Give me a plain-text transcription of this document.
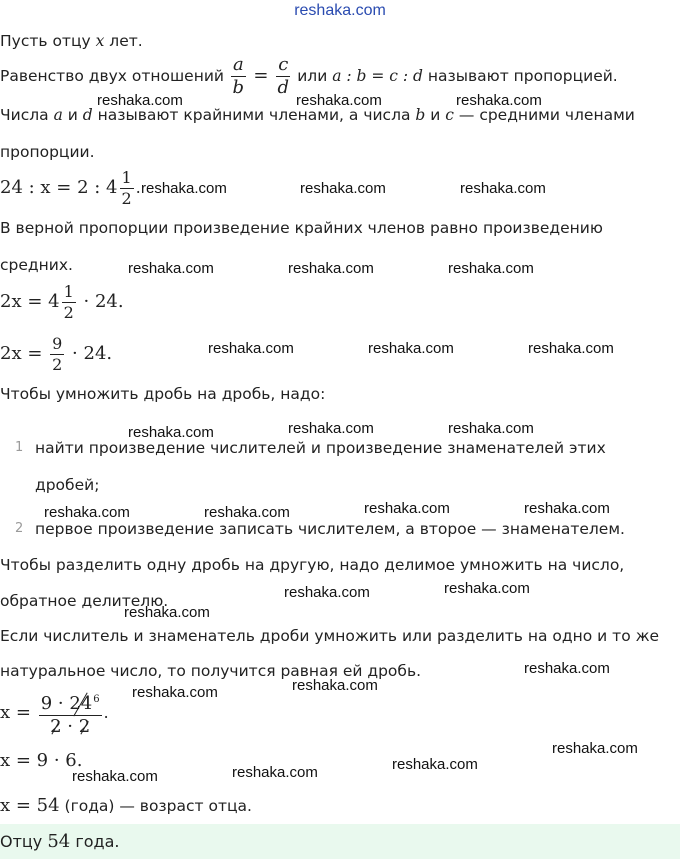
reshaka.com
Пусть отцу x лет.
Равенство двух отношений $\frac{a}{b} = \frac{c}{d}$ или a : b = c : d называют пропорцией.
Числа a и d называют крайними членами, а числа b и c — средними членами
пропорции.
24 : x = 2 : $4 \frac{1}{2}$ .
В верной пропорции произведение крайних членов равно произведению
средних.
$2x = 4 \frac{1}{2} \cdot 24$.
$2x = \frac{9}{2} \cdot 24$.
Чтобы умножить дробь на дробь, надо:
1 найти произведение числителей и произведение знаменателей этих
дробей;
2 первое произведение записать числителем, а второе — знаменателем.
Чтобы разделить одну дробь на другую, надо делимое умножить на число,
обратное делителю.
Если числитель и знаменатель дроби умножить или разделить на одно и то же
натуральное число, то получится равная ей дробь.
$x = \frac{9 \cdot 24^6}{2 \cdot 2}$ .
x = 9 · 6.
x = 54 (года) — возраст отца.
Отцу 54 года.
reshaka.com	reshaka.com	reshaka.com
reshaka.com	reshaka.com	reshaka.com
reshaka.com	reshaka.com	reshaka.com
reshaka.com	reshaka.com	reshaka.com
reshaka.com	reshaka.com	reshaka.com
reshaka.com	reshaka.com	reshaka.com	reshaka.com
reshaka.com	reshaka.com
reshaka.com
reshaka.com
reshaka.com
reshaka.com
reshaka.com
reshaka.com
reshaka.com
reshaka.com
